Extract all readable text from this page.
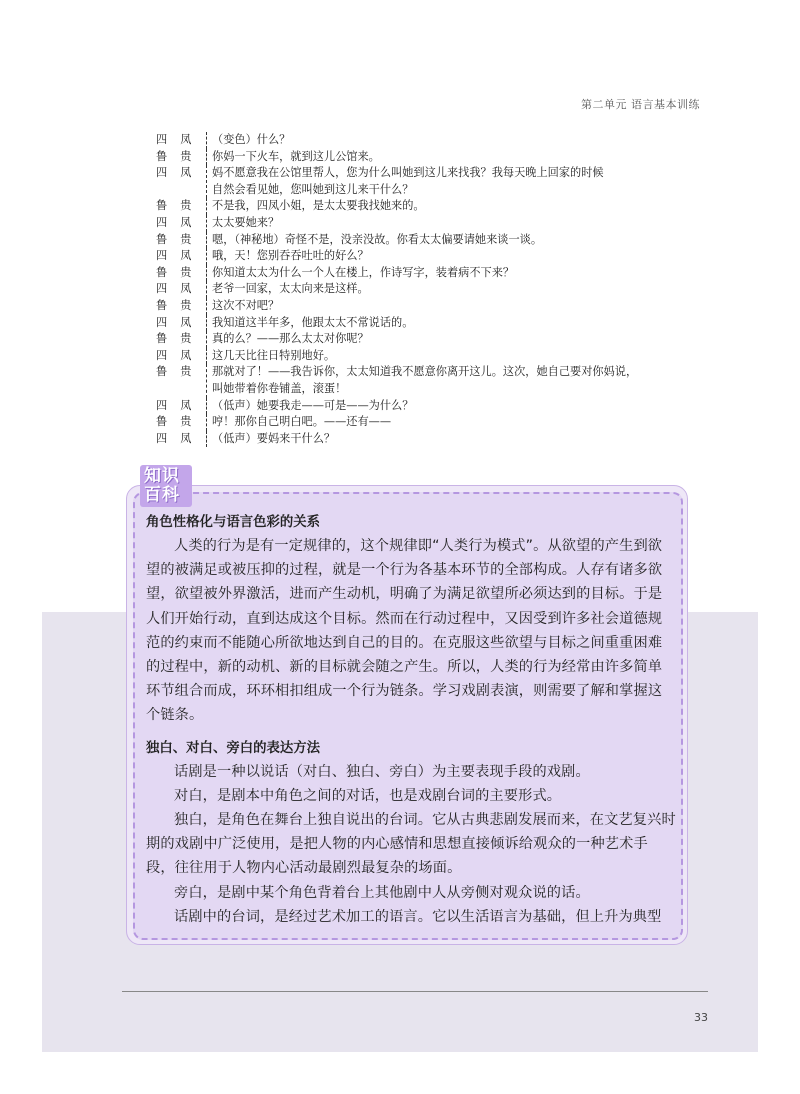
第二单元 语言基本训练
四凤 （变色）什么？
鲁贵 你妈一下火车，就到这儿公馆来。
四凤 妈不愿意我在公馆里帮人，您为什么叫她到这儿来找我？我每天晚上回家的时候
自然会看见她，您叫她到这儿来干什么？
鲁贵 不是我，四凤小姐，是太太要我找她来的。
四凤 太太要她来？
鲁贵 嗯，（神秘地）奇怪不是，没亲没故。你看太太偏要请她来谈一谈。
四凤 哦，天！您别吞吞吐吐的好么？
鲁贵 你知道太太为什么一个人在楼上，作诗写字，装着病不下来？
四凤 老爷一回家，太太向来是这样。
鲁贵 这次不对吧？
四凤 我知道这半年多，他跟太太不常说话的。
鲁贵 真的么？——那么太太对你呢？
四凤 这几天比往日特别地好。
鲁贵 那就对了！——我告诉你，太太知道我不愿意你离开这儿。这次，她自己要对你妈说，
叫她带着你卷铺盖，滚蛋！
四凤 （低声）她要我走——可是——为什么？
鲁贵 哼！那你自己明白吧。——还有——
四凤 （低声）要妈来干什么？
知识
百科

角色性格化与语言色彩的关系

人类的行为是有一定规律的，这个规律即“人类行为模式”。从欲望的产生到欲望的被满足或被压抑的过程，就是一个行为各基本环节的全部构成。人存有诸多欲望，欲望被外界激活，进而产生动机，明确了为满足欲望所必须达到的目标。于是人们开始行动，直到达成这个目标。然而在行动过程中，又因受到许多社会道德规范的约束而不能随心所欲地达到自己的目的。在克服这些欲望与目标之间重重困难的过程中，新的动机、新的目标就会随之产生。所以，人类的行为经常由许多简单环节组合而成，环环相扣组成一个行为链条。学习戏剧表演，则需要了解和掌握这个链条。

独白、对白、旁白的表达方法

话剧是一种以说话（对白、独白、旁白）为主要表现手段的戏剧。

对白，是剧本中角色之间的对话，也是戏剧台词的主要形式。

独白，是角色在舞台上独自说出的台词。它从古典悲剧发展而来，在文艺复兴时期的戏剧中广泛使用，是把人物的内心感情和思想直接倾诉给观众的一种艺术手段，往往用于人物内心活动最剧烈最复杂的场面。

旁白，是剧中某个角色背着台上其他剧中人从旁侧对观众说的话。

话剧中的台词，是经过艺术加工的语言。它以生活语言为基础，但上升为典型

33
